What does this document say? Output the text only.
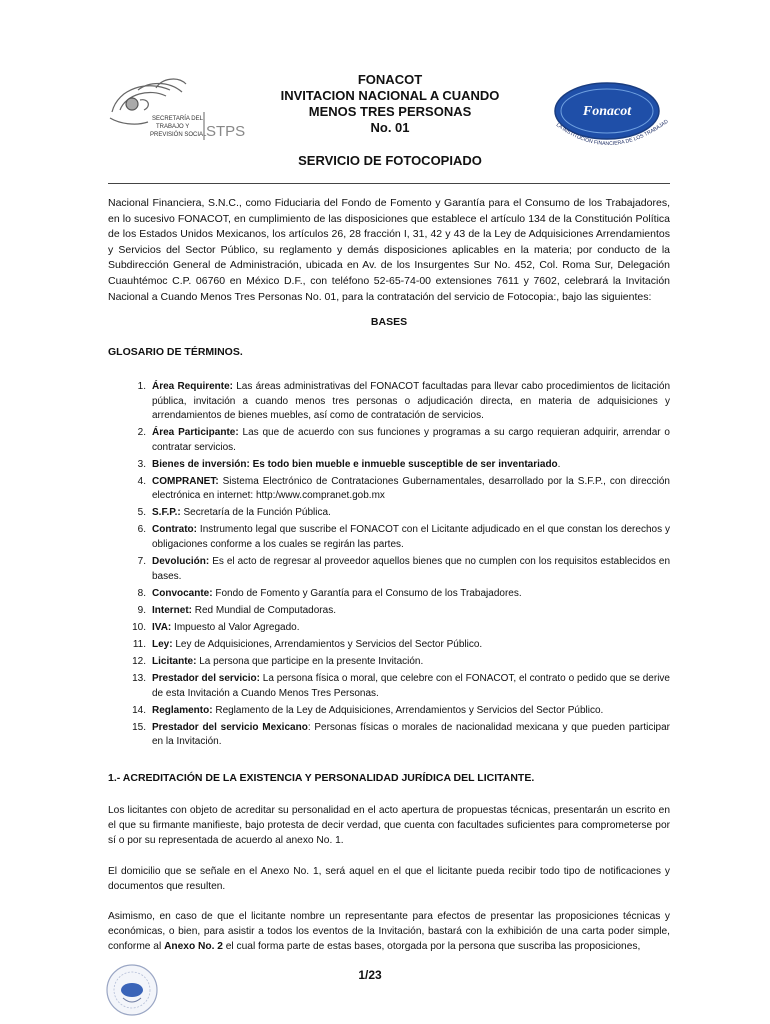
SECRETARÍA DEL
TRABAJO Y
PREVISIÓN SOCIAL STPS
FONACOT
INVITACION NACIONAL A CUANDO
MENOS TRES PERSONAS
No. 01
SERVICIO DE FOTOCOPIADO
Fonacot
LA INSTITUCION FINANCIERA DE LOS TRABAJAD
Nacional Financiera, S.N.C., como Fiduciaria del Fondo de Fomento y Garantía para el Consumo de los Trabajadores, en lo sucesivo FONACOT, en cumplimiento de las disposiciones que establece el artículo 134 de la Constitución Política de los Estados Unidos Mexicanos, los artículos 26, 28 fracción I, 31, 42 y 43 de la Ley de Adquisiciones Arrendamientos y Servicios del Sector Público, su reglamento y demás disposiciones aplicables en la materia; por conducto de la Subdirección General de Administración, ubicada en Av. de los Insurgentes Sur No. 452, Col. Roma Sur, Delegación Cuauhtémoc C.P. 06760 en México D.F., con teléfono 52-65-74-00 extensiones 7611 y 7602, celebrará la Invitación Nacional a Cuando Menos Tres Personas No. 01, para la contratación del servicio de Fotocopia:, bajo las siguientes:
BASES
GLOSARIO DE TÉRMINOS.
1. Área Requirente: Las áreas administrativas del FONACOT facultadas para llevar cabo procedimientos de licitación pública, invitación a cuando menos tres personas o adjudicación directa, en materia de adquisiciones y arrendamientos de bienes muebles, así como de contratación de servicios.
2. Área Participante: Las que de acuerdo con sus funciones y programas a su cargo requieran adquirir, arrendar o contratar servicios.
3. Bienes de inversión: Es todo bien mueble e inmueble susceptible de ser inventariado.
4. COMPRANET: Sistema Electrónico de Contrataciones Gubernamentales, desarrollado por la S.F.P., con dirección electrónica en internet: http:/www.compranet.gob.mx
5. S.F.P.: Secretaría de la Función Pública.
6. Contrato: Instrumento legal que suscribe el FONACOT con el Licitante adjudicado en el que constan los derechos y obligaciones conforme a los cuales se regirán las partes.
7. Devolución: Es el acto de regresar al proveedor aquellos bienes que no cumplen con los requisitos establecidos en bases.
8. Convocante: Fondo de Fomento y Garantía para el Consumo de los Trabajadores.
9. Internet: Red Mundial de Computadoras.
10. IVA: Impuesto al Valor Agregado.
11. Ley: Ley de Adquisiciones, Arrendamientos y Servicios del Sector Público.
12. Licitante: La persona que participe en la presente Invitación.
13. Prestador del servicio: La persona física o moral, que celebre con el FONACOT, el contrato o pedido que se derive de esta Invitación a Cuando Menos Tres Personas.
14. Reglamento: Reglamento de la Ley de Adquisiciones, Arrendamientos y Servicios del Sector Público.
15. Prestador del servicio Mexicano: Personas físicas o morales de nacionalidad mexicana y que pueden participar en la Invitación.
1.- ACREDITACIÓN DE LA EXISTENCIA Y PERSONALIDAD JURÍDICA DEL LICITANTE.
Los licitantes con objeto de acreditar su personalidad en el acto apertura de propuestas técnicas, presentarán un escrito en el que su firmante manifieste, bajo protesta de decir verdad, que cuenta con facultades suficientes para comprometerse por sí o por su representada de acuerdo al anexo No. 1.
El domicilio que se señale en el Anexo No. 1, será aquel en el que el licitante pueda recibir todo tipo de notificaciones y documentos que resulten.
Asimismo, en caso de que el licitante nombre un representante para efectos de presentar las proposiciones técnicas y económicas, o bien, para asistir a todos los eventos de la Invitación, bastará con la exhibición de una carta poder simple, conforme al Anexo No. 2 el cual forma parte de estas bases, otorgada por la persona que suscriba las proposiciones,
1/23
